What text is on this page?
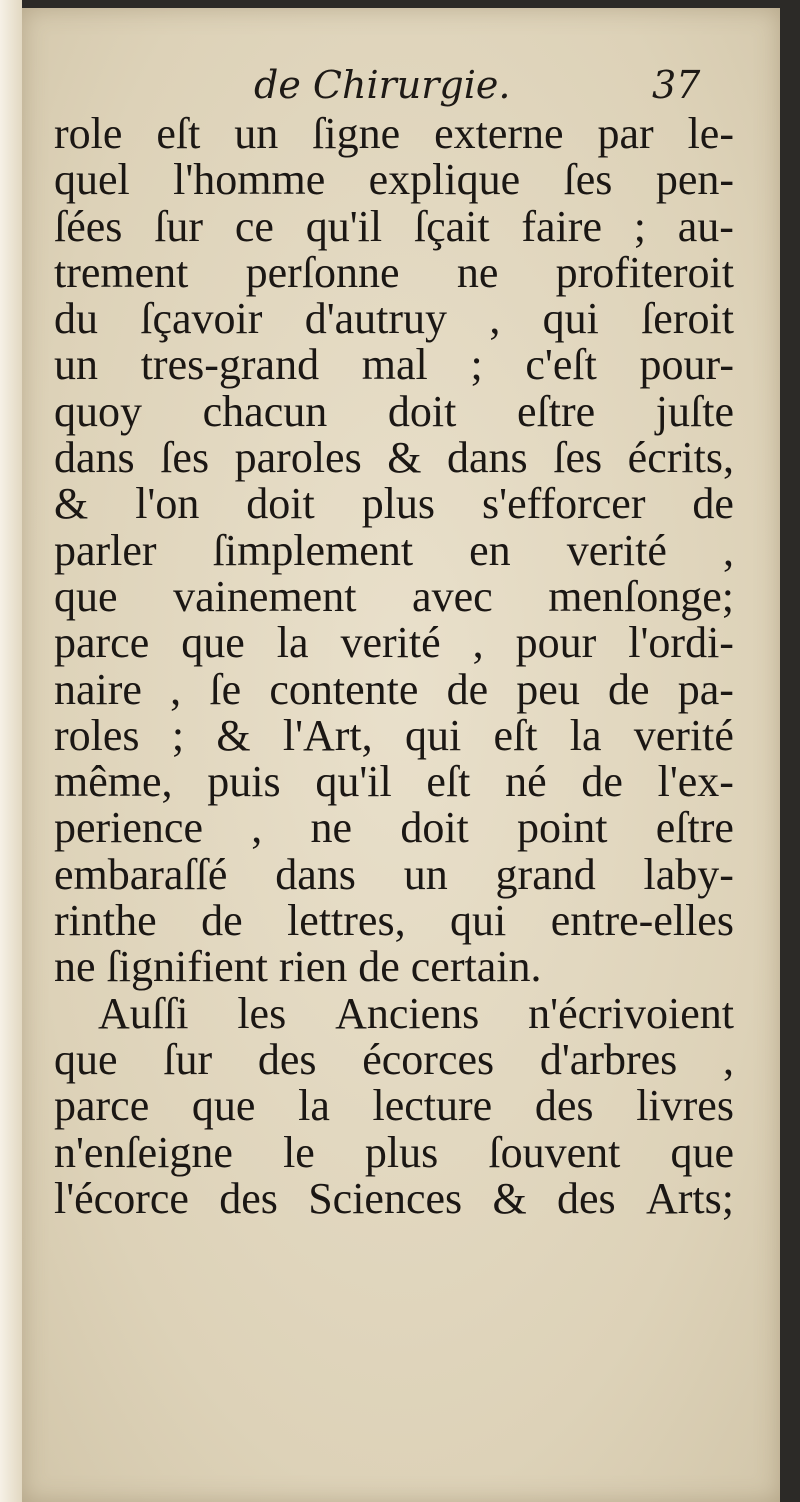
de Chirurgie.	37
role eſt un ſigne externe par le-
quel l'homme explique ſes pen-
ſées ſur ce qu'il ſçait faire ; au-
trement perſonne ne profiteroit
du ſçavoir d'autruy , qui ſeroit
un tres-grand mal ; c'eſt pour-
quoy chacun doit eſtre juſte
dans ſes paroles & dans ſes écrits,
& l'on doit plus s'efforcer de
parler ſimplement en verité ,
que vainement avec menſonge;
parce que la verité , pour l'ordi-
naire , ſe contente de peu de pa-
roles ; & l'Art, qui eſt la verité
même, puis qu'il eſt né de l'ex-
perience , ne doit point eſtre
embaraſſé dans un grand laby-
rinthe de lettres, qui entre-elles
ne ſignifient rien de certain.
Auſſi les Anciens n'écrivoient
que ſur des écorces d'arbres ,
parce que la lecture des livres
n'enſeigne le plus ſouvent que
l'écorce des Sciences & des Arts;
